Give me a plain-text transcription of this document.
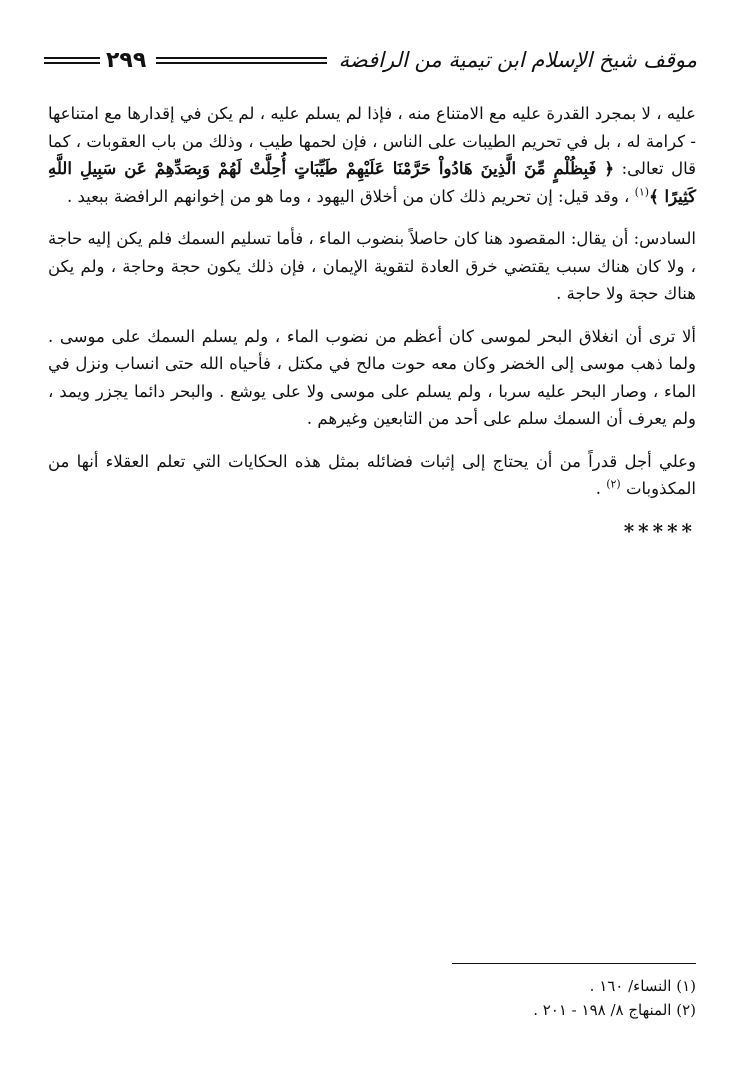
موقف شيخ الإسلام ابن تيمية من الرافضة
٢٩٩

عليه ، لا بمجرد القدرة عليه مع الامتناع منه ، فإذا لم يسلم عليه ، لم يكن في إقدارها مع امتناعها - كرامة له ، بل في تحريم الطيبات على الناس ، فإن لحمها طيب ، وذلك من باب العقوبات ، كما قال تعالى: ﴿ فَبِظُلْمٍ مِّنَ الَّذِينَ هَادُواْ حَرَّمْنَا عَلَيْهِمْ طَيِّبَاتٍ أُحِلَّتْ لَهُمْ وَبِصَدِّهِمْ عَن سَبِيلِ اللَّهِ كَثِيرًا ﴾$^{(١)}$ ، وقد قيل: إن تحريم ذلك كان من أخلاق اليهود ، وما هو من إخوانهم الرافضة ببعيد .

السادس: أن يقال: المقصود هنا كان حاصلاً بنضوب الماء ، فأما تسليم السمك فلم يكن إليه حاجة ، ولا كان هناك سبب يقتضي خرق العادة لتقوية الإيمان ، فإن ذلك يكون حجة وحاجة ، ولم يكن هناك حجة ولا حاجة .

ألا ترى أن انغلاق البحر لموسى كان أعظم من نضوب الماء ، ولم يسلم السمك على موسى . ولما ذهب موسى إلى الخضر وكان معه حوت مالح في مكتل ، فأحياه الله حتى انساب ونزل في الماء ، وصار البحر عليه سربا ، ولم يسلم على موسى ولا على يوشع . والبحر دائما يجزر ويمد ، ولم يعرف أن السمك سلم على أحد من التابعين وغيرهم .

وعلي أجل قدراً من أن يحتاج إلى إثبات فضائله بمثل هذه الحكايات التي تعلم العقلاء أنها من المكذوبات $^{(٢)}$ .

*****
(١) النساء/ ١٦٠ .
(٢) المنهاج ٨/ ١٩٨ - ٢٠١ .
